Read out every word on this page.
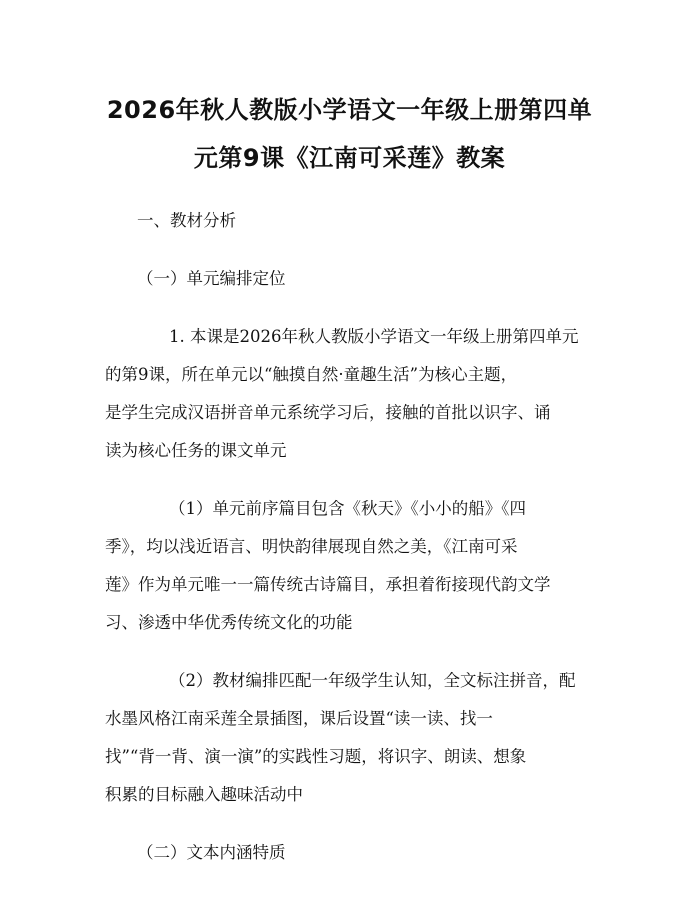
2026年秋人教版小学语文一年级上册第四单
元第9课《江南可采莲》教案
一、教材分析
（一）单元编排定位

1. 本课是2026年秋人教版小学语文一年级上册第四单元
的第9课，所在单元以“触摸自然·童趣生活”为核心主题，
是学生完成汉语拼音单元系统学习后，接触的首批以识字、诵
读为核心任务的课文单元

（1）单元前序篇目包含《秋天》《小小的船》《四
季》，均以浅近语言、明快韵律展现自然之美，《江南可采
莲》作为单元唯一一篇传统古诗篇目，承担着衔接现代韵文学
习、渗透中华优秀传统文化的功能

（2）教材编排匹配一年级学生认知，全文标注拼音，配
水墨风格江南采莲全景插图，课后设置“读一读、找一
找”“背一背、演一演”的实践性习题，将识字、朗读、想象
积累的目标融入趣味活动中

（二）文本内涵特质
